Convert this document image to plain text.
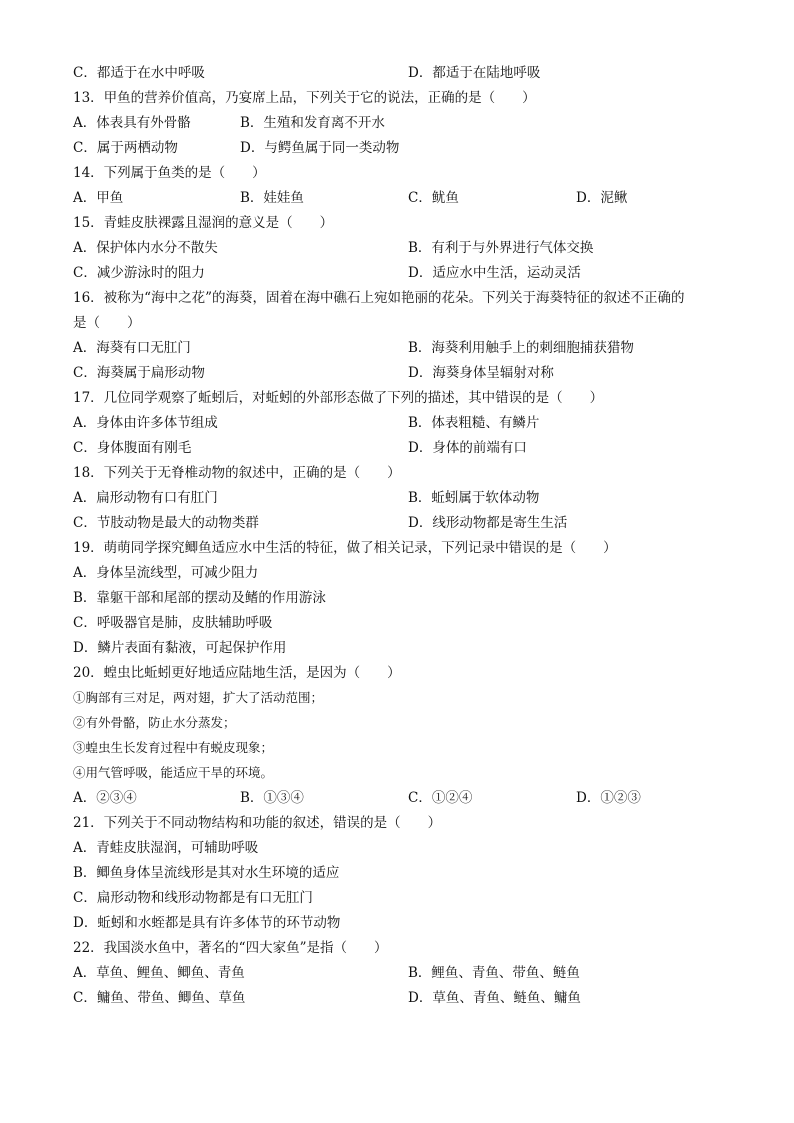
C．都适于在水中呼吸	D．都适于在陆地呼吸
13．甲鱼的营养价值高，乃宴席上品，下列关于它的说法，正确的是（　　）
A．体表具有外骨骼	B．生殖和发育离不开水
C．属于两栖动物	D．与鳄鱼属于同一类动物
14．下列属于鱼类的是（　　）
A．甲鱼	B．娃娃鱼	C．鱿鱼	D．泥鳅
15．青蛙皮肤裸露且湿润的意义是（　　）
A．保护体内水分不散失	B．有利于与外界进行气体交换
C．减少游泳时的阻力	D．适应水中生活，运动灵活
16．被称为“海中之花”的海葵，固着在海中礁石上宛如艳丽的花朵。下列关于海葵特征的叙述不正确的
是（　　）
A．海葵有口无肛门	B．海葵利用触手上的刺细胞捕获猎物
C．海葵属于扁形动物	D．海葵身体呈辐射对称
17．几位同学观察了蚯蚓后，对蚯蚓的外部形态做了下列的描述，其中错误的是（　　）
A．身体由许多体节组成	B．体表粗糙、有鳞片
C．身体腹面有刚毛	D．身体的前端有口
18．下列关于无脊椎动物的叙述中，正确的是（　　）
A．扁形动物有口有肛门	B．蚯蚓属于软体动物
C．节肢动物是最大的动物类群	D．线形动物都是寄生生活
19．萌萌同学探究鲫鱼适应水中生活的特征，做了相关记录，下列记录中错误的是（　　）
A．身体呈流线型，可减少阻力
B．靠躯干部和尾部的摆动及鳍的作用游泳
C．呼吸器官是肺，皮肤辅助呼吸
D．鳞片表面有黏液，可起保护作用
20．蝗虫比蚯蚓更好地适应陆地生活，是因为（　　）
①胸部有三对足，两对翅，扩大了活动范围；
②有外骨骼，防止水分蒸发；
③蝗虫生长发育过程中有蜕皮现象；
④用气管呼吸，能适应干旱的环境。
A．②③④	B．①③④	C．①②④	D．①②③
21．下列关于不同动物结构和功能的叙述，错误的是（　　）
A．青蛙皮肤湿润，可辅助呼吸
B．鲫鱼身体呈流线形是其对水生环境的适应
C．扁形动物和线形动物都是有口无肛门
D．蚯蚓和水蛭都是具有许多体节的环节动物
22．我国淡水鱼中，著名的“四大家鱼”是指（　　）
A．草鱼、鲤鱼、鲫鱼、青鱼	B．鲤鱼、青鱼、带鱼、鲢鱼
C．鳙鱼、带鱼、鲫鱼、草鱼	D．草鱼、青鱼、鲢鱼、鳙鱼
